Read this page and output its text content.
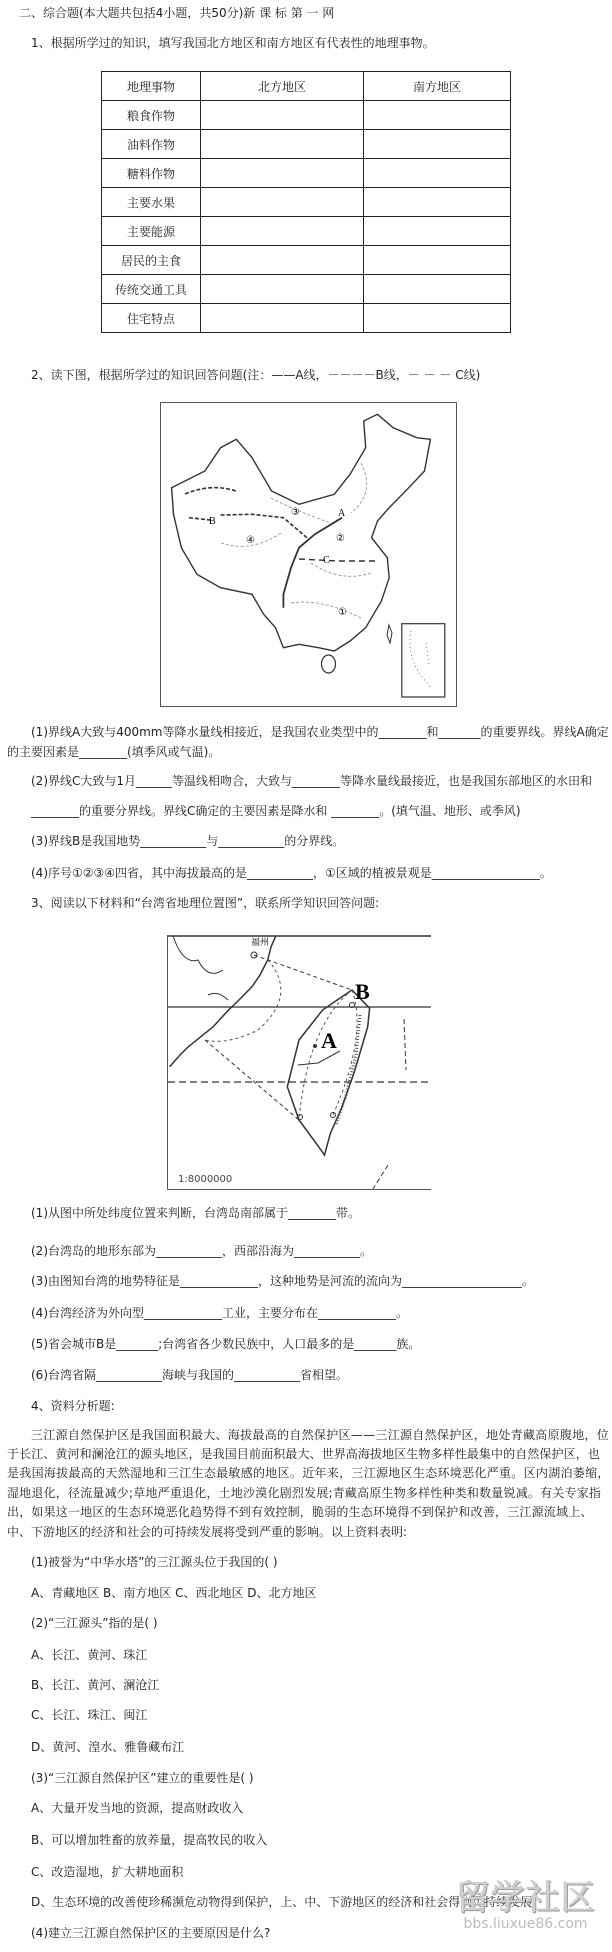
二、综合题(本大题共包括4小题，共50分)新 课 标 第 一 网
1、根据所学过的知识，填写我国北方地区和南方地区有代表性的地理事物。
地理事物	北方地区	南方地区
粮食作物		
油料作物		
糖料作物		
主要水果		
主要能源		
居民的主食		
传统交通工具		
住宅特点		
2、读下图，根据所学过的知识回答问题(注：——A线，－－－－B线，－ － － C线)
③
②
④
①
B
A
C
(1)界线A大致与400mm等降水量线相接近，是我国农业类型中的________和_______的重要界线。界线A确定
的主要因素是________(填季风或气温)。
(2)界线C大致与1月______等温线相吻合，大致与________等降水量线最接近，也是我国东部地区的水田和
________的重要分界线。界线C确定的主要因素是降水和 ________。(填气温、地形、或季风)
(3)界线B是我国地势___________与___________的分界线。
(4)序号①②③④四省，其中海拔最高的是___________，①区域的植被景观是__________________。
3、阅读以下材料和“台湾省地理位置图”，联系所学知识回答问题:
福州
B
A
1:8000000
(1)从图中所处纬度位置来判断，台湾岛南部属于________带。
(2)台湾岛的地形东部为___________，西部沿海为___________。
(3)由图知台湾的地势特征是_____________，这种地势是河流的流向为____________________。
(4)台湾经济为外向型_____________工业，主要分布在_____________。
(5)省会城市B是_______;台湾省各少数民族中，人口最多的是_______族。
(6)台湾省隔___________海峡与我国的___________省相望。
4、资料分析题:
三江源自然保护区是我国面积最大、海拔最高的自然保护区——三江源自然保护区，地处青藏高原腹地，位
于长江、黄河和澜沧江的源头地区，是我国目前面积最大、世界高海拔地区生物多样性最集中的自然保护区，也
是我国海拔最高的天然湿地和三江生态最敏感的地区。近年来，三江源地区生态环境恶化严重。区内湖泊萎缩，
湿地退化，径流量减少;草地严重退化，土地沙漠化剧烈发展;青藏高原生物多样性种类和数量锐减。有关专家指
出，如果这一地区的生态环境恶化趋势得不到有效控制，脆弱的生态环境得不到保护和改善，三江源流域上、
中、下游地区的经济和社会的可持续发展将受到严重的影响。以上资料表明:
(1)被誉为“中华水塔”的三江源头位于我国的( )
A、青藏地区 B、南方地区 C、西北地区 D、北方地区
(2)“三江源头”指的是( )
A、长江、黄河、珠江
B、长江、黄河、澜沧江
C、长江、珠江、闽江
D、黄河、湟水、雅鲁藏布江
(3)“三江源自然保护区”建立的重要性是( )
A、大量开发当地的资源，提高财政收入
B、可以增加牲畜的放养量，提高牧民的收入
C、改造湿地，扩大耕地面积
D、生态环境的改善使珍稀濒危动物得到保护，上、中、下游地区的经济和社会得到可持续发展。
(4)建立三江源自然保护区的主要原因是什么?
留学社区
bbs.liuxue86.com
